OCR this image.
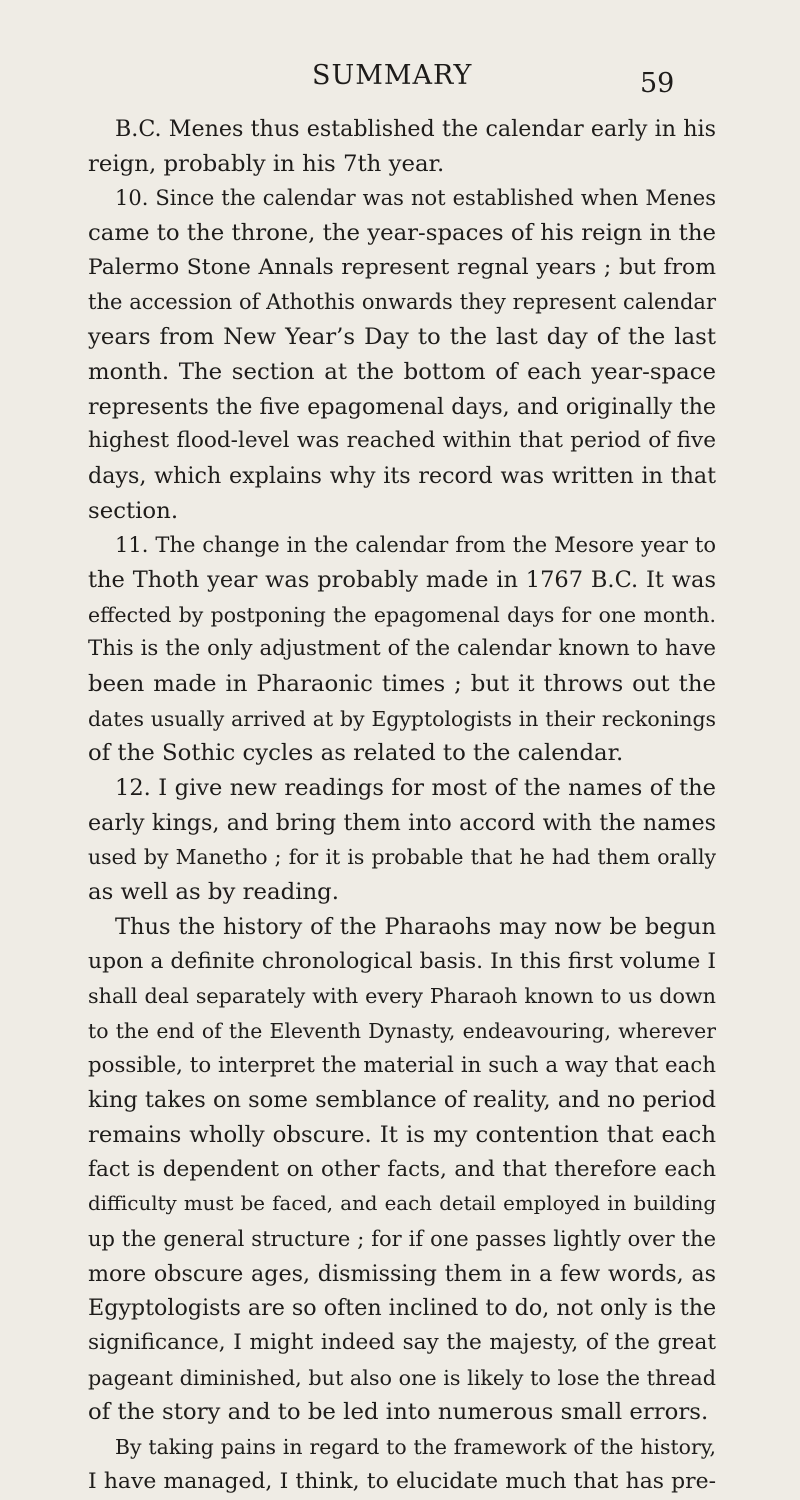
SUMMARY	59
B.C. Menes thus established the calendar early in his
reign, probably in his 7th year.
10. Since the calendar was not established when Menes
came to the throne, the year-spaces of his reign in the
Palermo Stone Annals represent regnal years ; but from
the accession of Athothis onwards they represent calendar
years from New Year’s Day to the last day of the last
month. The section at the bottom of each year-space
represents the five epagomenal days, and originally the
highest flood-level was reached within that period of five
days, which explains why its record was written in that
section.
11. The change in the calendar from the Mesore year to
the Thoth year was probably made in 1767 B.C. It was
effected by postponing the epagomenal days for one month.
This is the only adjustment of the calendar known to have
been made in Pharaonic times ; but it throws out the
dates usually arrived at by Egyptologists in their reckonings
of the Sothic cycles as related to the calendar.
12. I give new readings for most of the names of the
early kings, and bring them into accord with the names
used by Manetho ; for it is probable that he had them orally
as well as by reading.
Thus the history of the Pharaohs may now be begun
upon a definite chronological basis. In this first volume I
shall deal separately with every Pharaoh known to us down
to the end of the Eleventh Dynasty, endeavouring, wherever
possible, to interpret the material in such a way that each
king takes on some semblance of reality, and no period
remains wholly obscure. It is my contention that each
fact is dependent on other facts, and that therefore each
difficulty must be faced, and each detail employed in building
up the general structure ; for if one passes lightly over the
more obscure ages, dismissing them in a few words, as
Egyptologists are so often inclined to do, not only is the
significance, I might indeed say the majesty, of the great
pageant diminished, but also one is likely to lose the thread
of the story and to be led into numerous small errors.
By taking pains in regard to the framework of the history,
I have managed, I think, to elucidate much that has pre-
